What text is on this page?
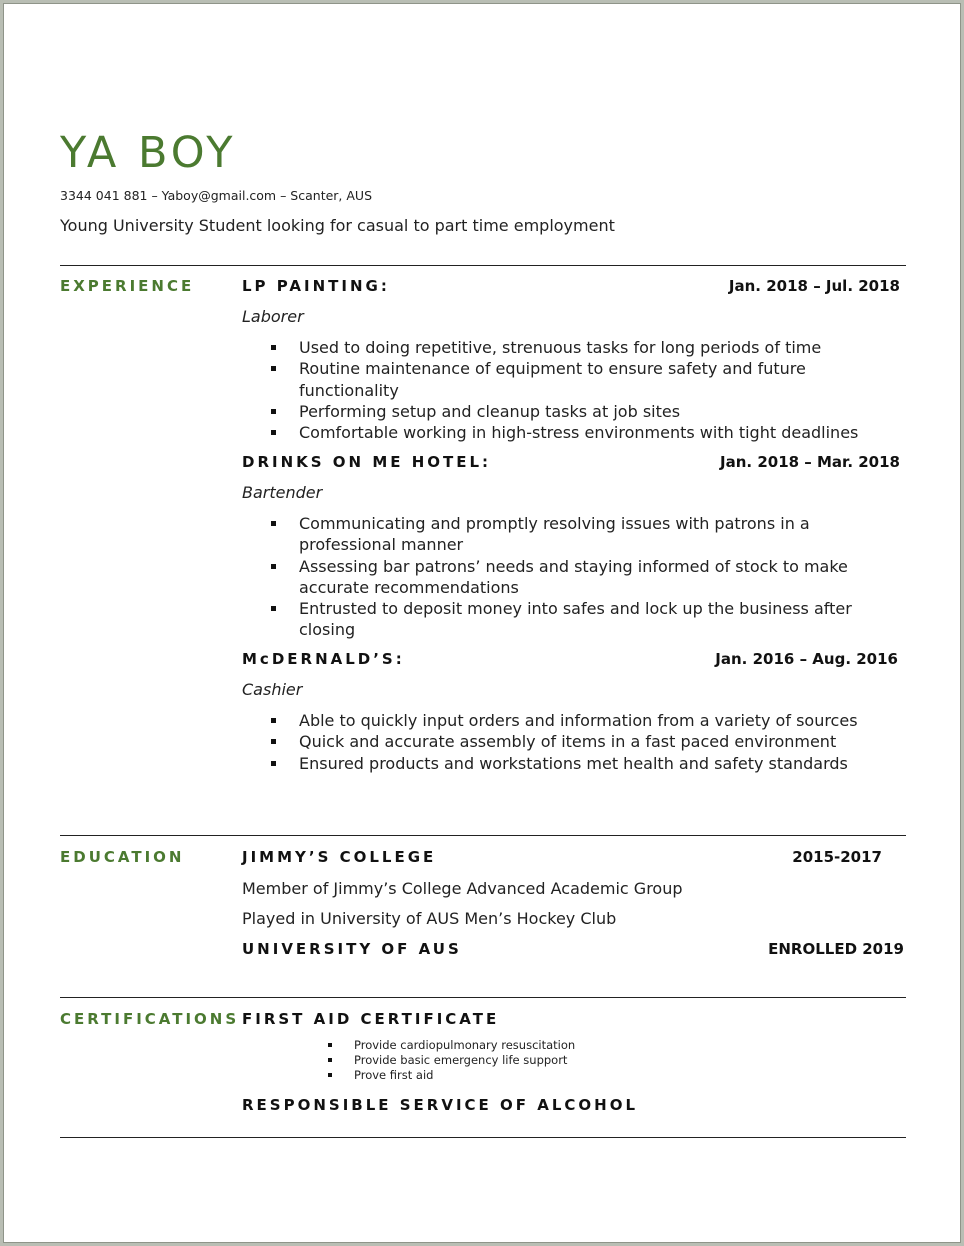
YA BOY
3344 041 881 – Yaboy@gmail.com – Scanter, AUS
Young University Student looking for casual to part time employment
EXPERIENCE	LP PAINTING:	Jan. 2018 – Jul. 2018
Laborer
Used to doing repetitive, strenuous tasks for long periods of time
Routine maintenance of equipment to ensure safety and future functionality
Performing setup and cleanup tasks at job sites
Comfortable working in high-stress environments with tight deadlines
DRINKS ON ME HOTEL:	Jan. 2018 – Mar. 2018
Bartender
Communicating and promptly resolving issues with patrons in a professional manner
Assessing bar patrons’ needs and staying informed of stock to make accurate recommendations
Entrusted to deposit money into safes and lock up the business after closing
McDERNALD’S:	Jan. 2016 – Aug. 2016
Cashier
Able to quickly input orders and information from a variety of sources
Quick and accurate assembly of items in a fast paced environment
Ensured products and workstations met health and safety standards
EDUCATION	JIMMY’S COLLEGE	2015-2017
Member of Jimmy’s College Advanced Academic Group
Played in University of AUS Men’s Hockey Club
UNIVERSITY OF AUS	ENROLLED 2019
CERTIFICATIONS FIRST AID CERTIFICATE
Provide cardiopulmonary resuscitation
Provide basic emergency life support
Prove first aid
RESPONSIBLE SERVICE OF ALCOHOL
